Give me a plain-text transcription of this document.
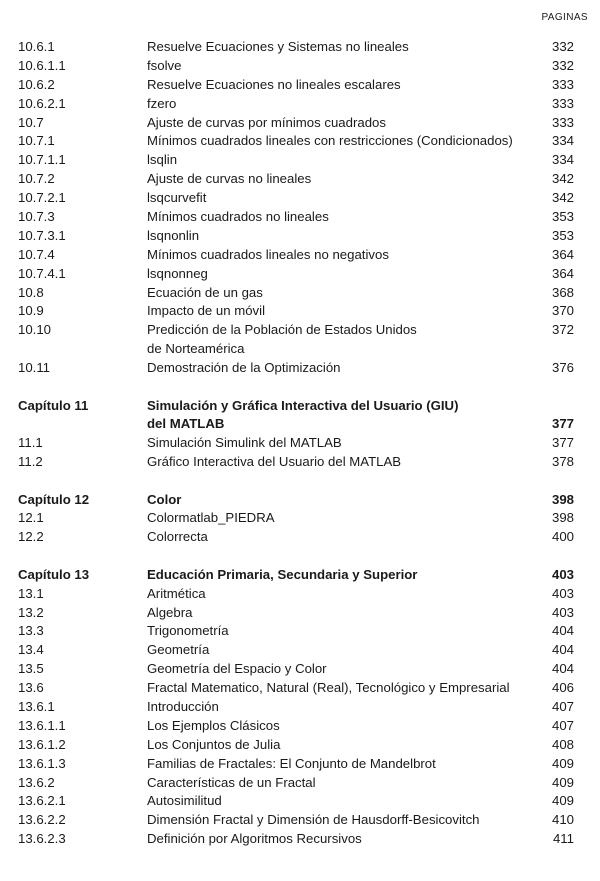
PAGINAS
10.6.1	Resuelve Ecuaciones y Sistemas no lineales	332
10.6.1.1	fsolve	332
10.6.2	Resuelve Ecuaciones no lineales escalares	333
10.6.2.1	fzero	333
10.7	Ajuste de curvas por mínimos cuadrados	333
10.7.1	Mínimos cuadrados lineales con restricciones (Condicionados)	334
10.7.1.1	lsqlin	334
10.7.2	Ajuste de curvas no lineales	342
10.7.2.1	lsqcurvefit	342
10.7.3	Mínimos cuadrados no lineales	353
10.7.3.1	lsqnonlin	353
10.7.4	Mínimos cuadrados lineales no negativos	364
10.7.4.1	lsqnonneg	364
10.8	Ecuación de un gas	368
10.9	Impacto de un móvil	370
10.10	Predicción de la Población de Estados Unidos	372
de Norteamérica
10.11	Demostración de la Optimización	376
Capítulo 11	Simulación y Gráfica Interactiva del Usuario (GIU)
del MATLAB	377
11.1	Simulación Simulink del MATLAB	377
11.2	Gráfico Interactiva del Usuario del MATLAB	378
Capítulo 12	Color	398
12.1	Colormatlab_PIEDRA	398
12.2	Colorrecta	400
Capítulo 13	Educación Primaria, Secundaria y Superior	403
13.1	Aritmética	403
13.2	Algebra	403
13.3	Trigonometría	404
13.4	Geometría	404
13.5	Geometría del Espacio y Color	404
13.6	Fractal Matematico, Natural (Real), Tecnológico y Empresarial	406
13.6.1	Introducción	407
13.6.1.1	Los Ejemplos Clásicos	407
13.6.1.2	Los Conjuntos de Julia	408
13.6.1.3	Familias de Fractales: El Conjunto de Mandelbrot	409
13.6.2	Características de un Fractal	409
13.6.2.1	Autosimilitud	409
13.6.2.2	Dimensión Fractal y Dimensión de Hausdorff-Besicovitch	410
13.6.2.3	Definición por Algoritmos Recursivos	411
